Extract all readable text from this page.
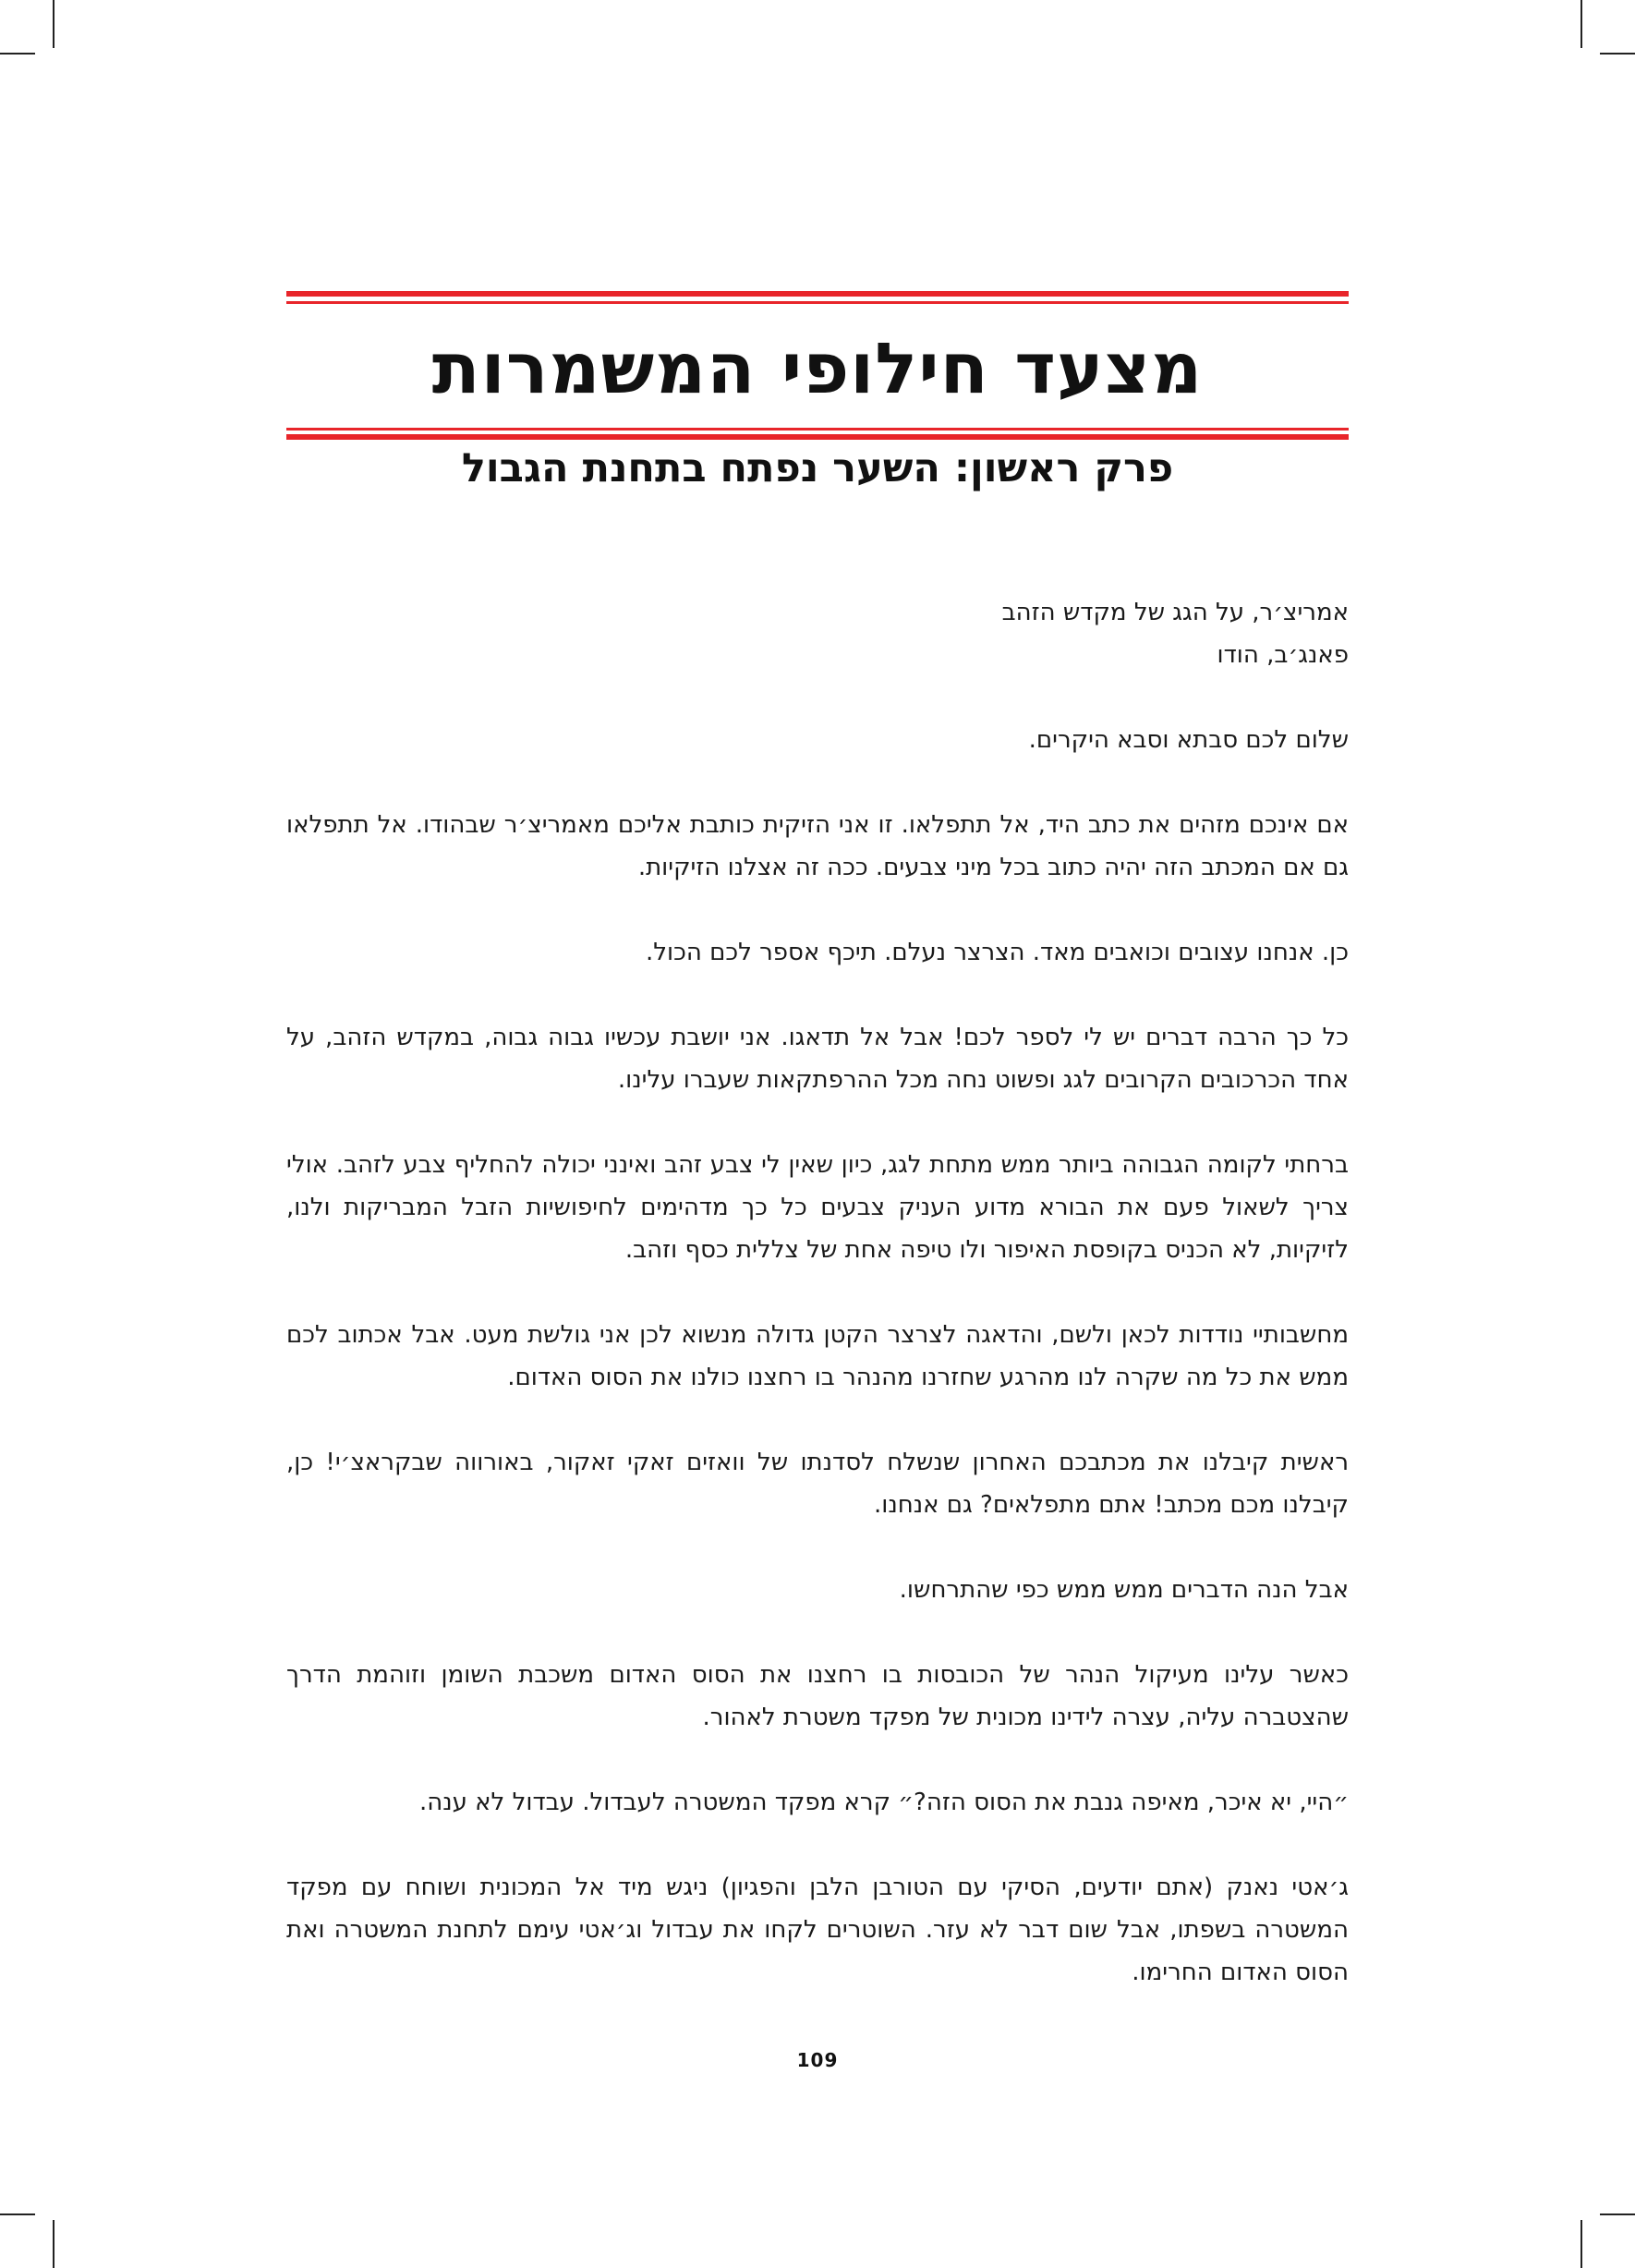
מצעד חילופי המשמרות
פרק ראשון: השער נפתח בתחנת הגבול

אמריצ׳ר, על הגג של מקדש הזהב

פאנג׳ב, הודו

שלום לכם סבתא וסבא היקרים.

אם אינכם מזהים את כתב היד, אל תתפלאו. זו אני הזיקית כותבת אליכם מאמריצ׳ר שבהודו. אל תתפלאו גם אם המכתב הזה יהיה כתוב בכל מיני צבעים. ככה זה אצלנו הזיקיות.

כן. אנחנו עצובים וכואבים מאד. הצרצר נעלם. תיכף אספר לכם הכול.

כל כך הרבה דברים יש לי לספר לכם! אבל אל תדאגו. אני יושבת עכשיו גבוה גבוה, במקדש הזהב, על אחד הכרכובים הקרובים לגג ופשוט נחה מכל ההרפתקאות שעברו עלינו.

ברחתי לקומה הגבוהה ביותר ממש מתחת לגג, כיון שאין לי צבע זהב ואינני יכולה להחליף צבע לזהב. אולי צריך לשאול פעם את הבורא מדוע העניק צבעים כל כך מדהימים לחיפושיות הזבל המבריקות ולנו, לזיקיות, לא הכניס בקופסת האיפור ולו טיפה אחת של צללית כסף וזהב.

מחשבותיי נודדות לכאן ולשם, והדאגה לצרצר הקטן גדולה מנשוא לכן אני גולשת מעט. אבל אכתוב לכם ממש את כל מה שקרה לנו מהרגע שחזרנו מהנהר בו רחצנו כולנו את הסוס האדום.

ראשית קיבלנו את מכתבכם האחרון שנשלח לסדנתו של וואזים זאקי זאקור, באורווה שבקראצ׳י! כן, קיבלנו מכם מכתב! אתם מתפלאים? גם אנחנו.

אבל הנה הדברים ממש ממש כפי שהתרחשו.

כאשר עלינו מעיקול הנהר של הכובסות בו רחצנו את הסוס האדום משכבת השומן וזוהמת הדרך שהצטברה עליה, עצרה לידינו מכונית של מפקד משטרת לאהור.

״היי, יא איכר, מאיפה גנבת את הסוס הזה?״ קרא מפקד המשטרה לעבדול. עבדול לא ענה.

ג׳אטי נאנק (אתם יודעים, הסיקי עם הטורבן הלבן והפגיון) ניגש מיד אל המכונית ושוחח עם מפקד המשטרה בשפתו, אבל שום דבר לא עזר. השוטרים לקחו את עבדול וג׳אטי עימם לתחנת המשטרה ואת הסוס האדום החרימו.

109
